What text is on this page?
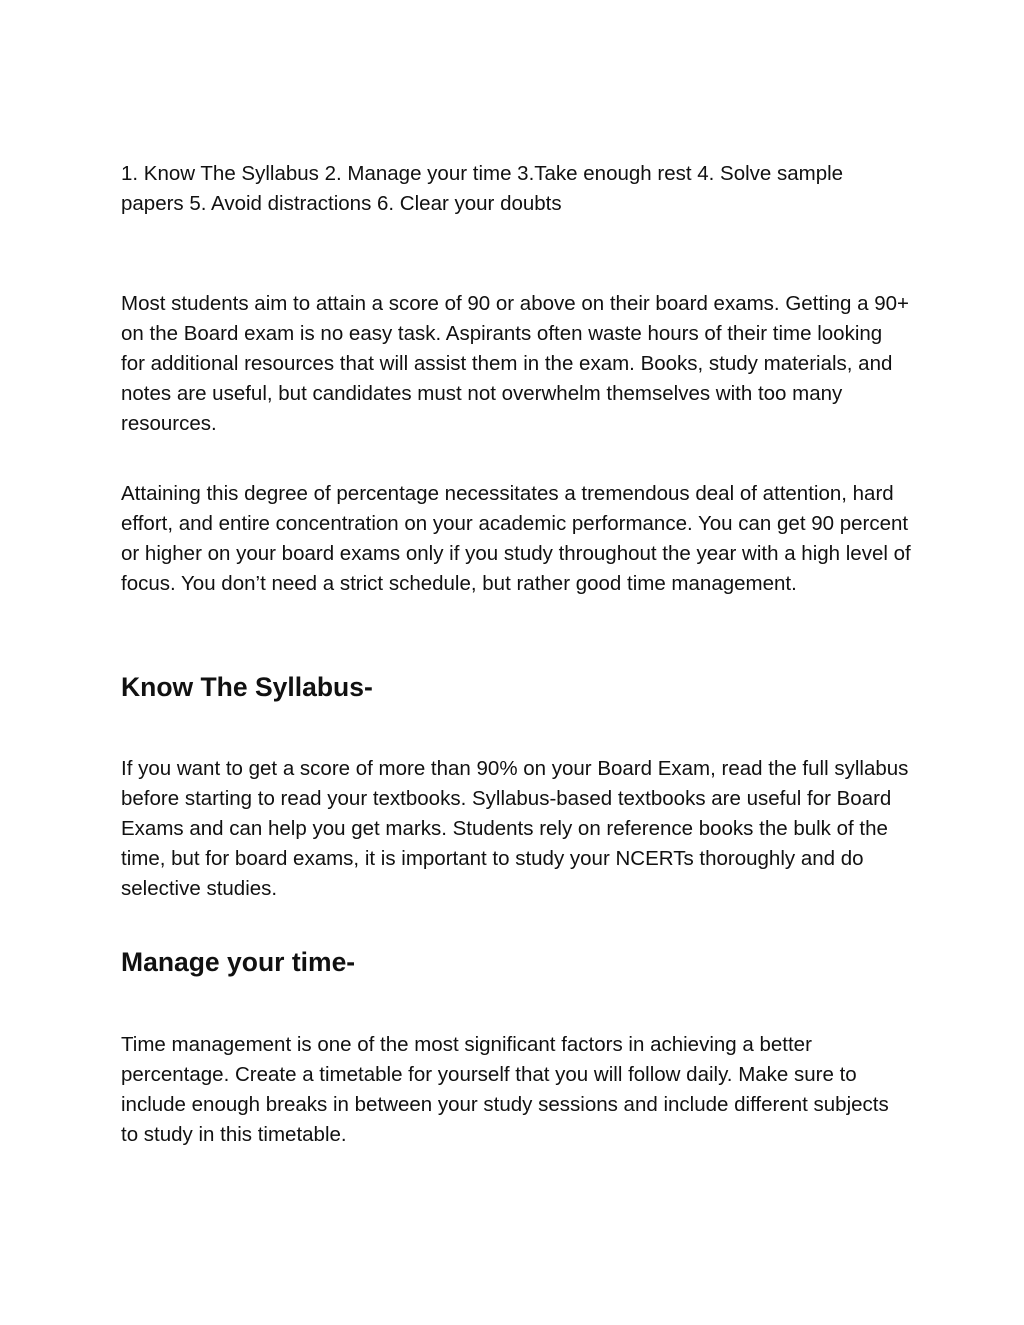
1. Know The Syllabus 2. Manage your time 3.Take enough rest 4. Solve sample papers 5. Avoid distractions 6. Clear your doubts

Most students aim to attain a score of 90 or above on their board exams. Getting a 90+ on the Board exam is no easy task. Aspirants often waste hours of their time looking for additional resources that will assist them in the exam. Books, study materials, and notes are useful, but candidates must not overwhelm themselves with too many resources.

Attaining this degree of percentage necessitates a tremendous deal of attention, hard effort, and entire concentration on your academic performance. You can get 90 percent or higher on your board exams only if you study throughout the year with a high level of focus. You don’t need a strict schedule, but rather good time management.

Know The Syllabus-

If you want to get a score of more than 90% on your Board Exam, read the full syllabus before starting to read your textbooks. Syllabus-based textbooks are useful for Board Exams and can help you get marks. Students rely on reference books the bulk of the time, but for board exams, it is important to study your NCERTs thoroughly and do selective studies.

Manage your time-

Time management is one of the most significant factors in achieving a better percentage. Create a timetable for yourself that you will follow daily. Make sure to include enough breaks in between your study sessions and include different subjects to study in this timetable.
